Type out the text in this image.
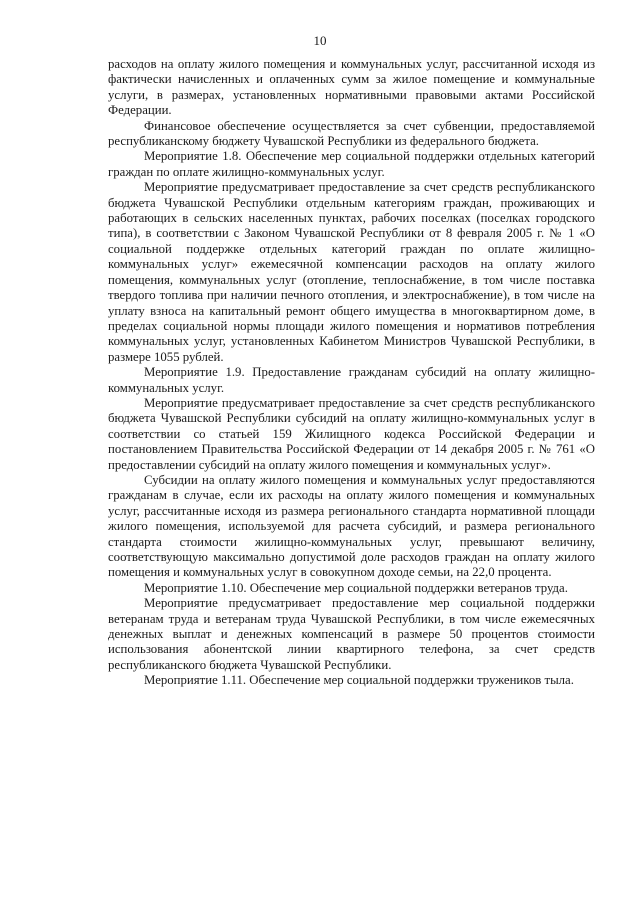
10

расходов на оплату жилого помещения и коммунальных услуг, рассчитанной исходя из фактически начисленных и оплаченных сумм за жилое помещение и коммунальные услуги, в размерах, установленных нормативными правовыми актами Российской Федерации.

Финансовое обеспечение осуществляется за счет субвенции, предоставляемой республиканскому бюджету Чувашской Республики из федерального бюджета.

Мероприятие 1.8. Обеспечение мер социальной поддержки отдельных категорий граждан по оплате жилищно-коммунальных услуг.

Мероприятие предусматривает предоставление за счет средств республиканского бюджета Чувашской Республики отдельным категориям граждан, проживающих и работающих в сельских населенных пунктах, рабочих поселках (поселках городского типа), в соответствии с Законом Чувашской Республики от 8 февраля 2005 г. № 1 «О социальной поддержке отдельных категорий граждан по оплате жилищно-коммунальных услуг» ежемесячной компенсации расходов на оплату жилого помещения, коммунальных услуг (отопление, теплоснабжение, в том числе поставка твердого топлива при наличии печного отопления, и электроснабжение), в том числе на уплату взноса на капитальный ремонт общего имущества в многоквартирном доме, в пределах социальной нормы площади жилого помещения и нормативов потребления коммунальных услуг, установленных Кабинетом Министров Чувашской Республики, в размере 1055 рублей.

Мероприятие 1.9. Предоставление гражданам субсидий на оплату жилищно-коммунальных услуг.

Мероприятие предусматривает предоставление за счет средств республиканского бюджета Чувашской Республики субсидий на оплату жилищно-коммунальных услуг в соответствии со статьей 159 Жилищного кодекса Российской Федерации и постановлением Правительства Российской Федерации от 14 декабря 2005 г. № 761 «О предоставлении субсидий на оплату жилого помещения и коммунальных услуг».

Субсидии на оплату жилого помещения и коммунальных услуг предоставляются гражданам в случае, если их расходы на оплату жилого помещения и коммунальных услуг, рассчитанные исходя из размера регионального стандарта нормативной площади жилого помещения, используемой для расчета субсидий, и размера регионального стандарта стоимости жилищно-коммунальных услуг, превышают величину, соответствующую максимально допустимой доле расходов граждан на оплату жилого помещения и коммунальных услуг в совокупном доходе семьи, на 22,0 процента.

Мероприятие 1.10. Обеспечение мер социальной поддержки ветеранов труда.

Мероприятие предусматривает предоставление мер социальной поддержки ветеранам труда и ветеранам труда Чувашской Республики, в том числе ежемесячных денежных выплат и денежных компенсаций в размере 50 процентов стоимости использования абонентской линии квартирного телефона, за счет средств республиканского бюджета Чувашской Республики.

Мероприятие 1.11. Обеспечение мер социальной поддержки тружеников тыла.
